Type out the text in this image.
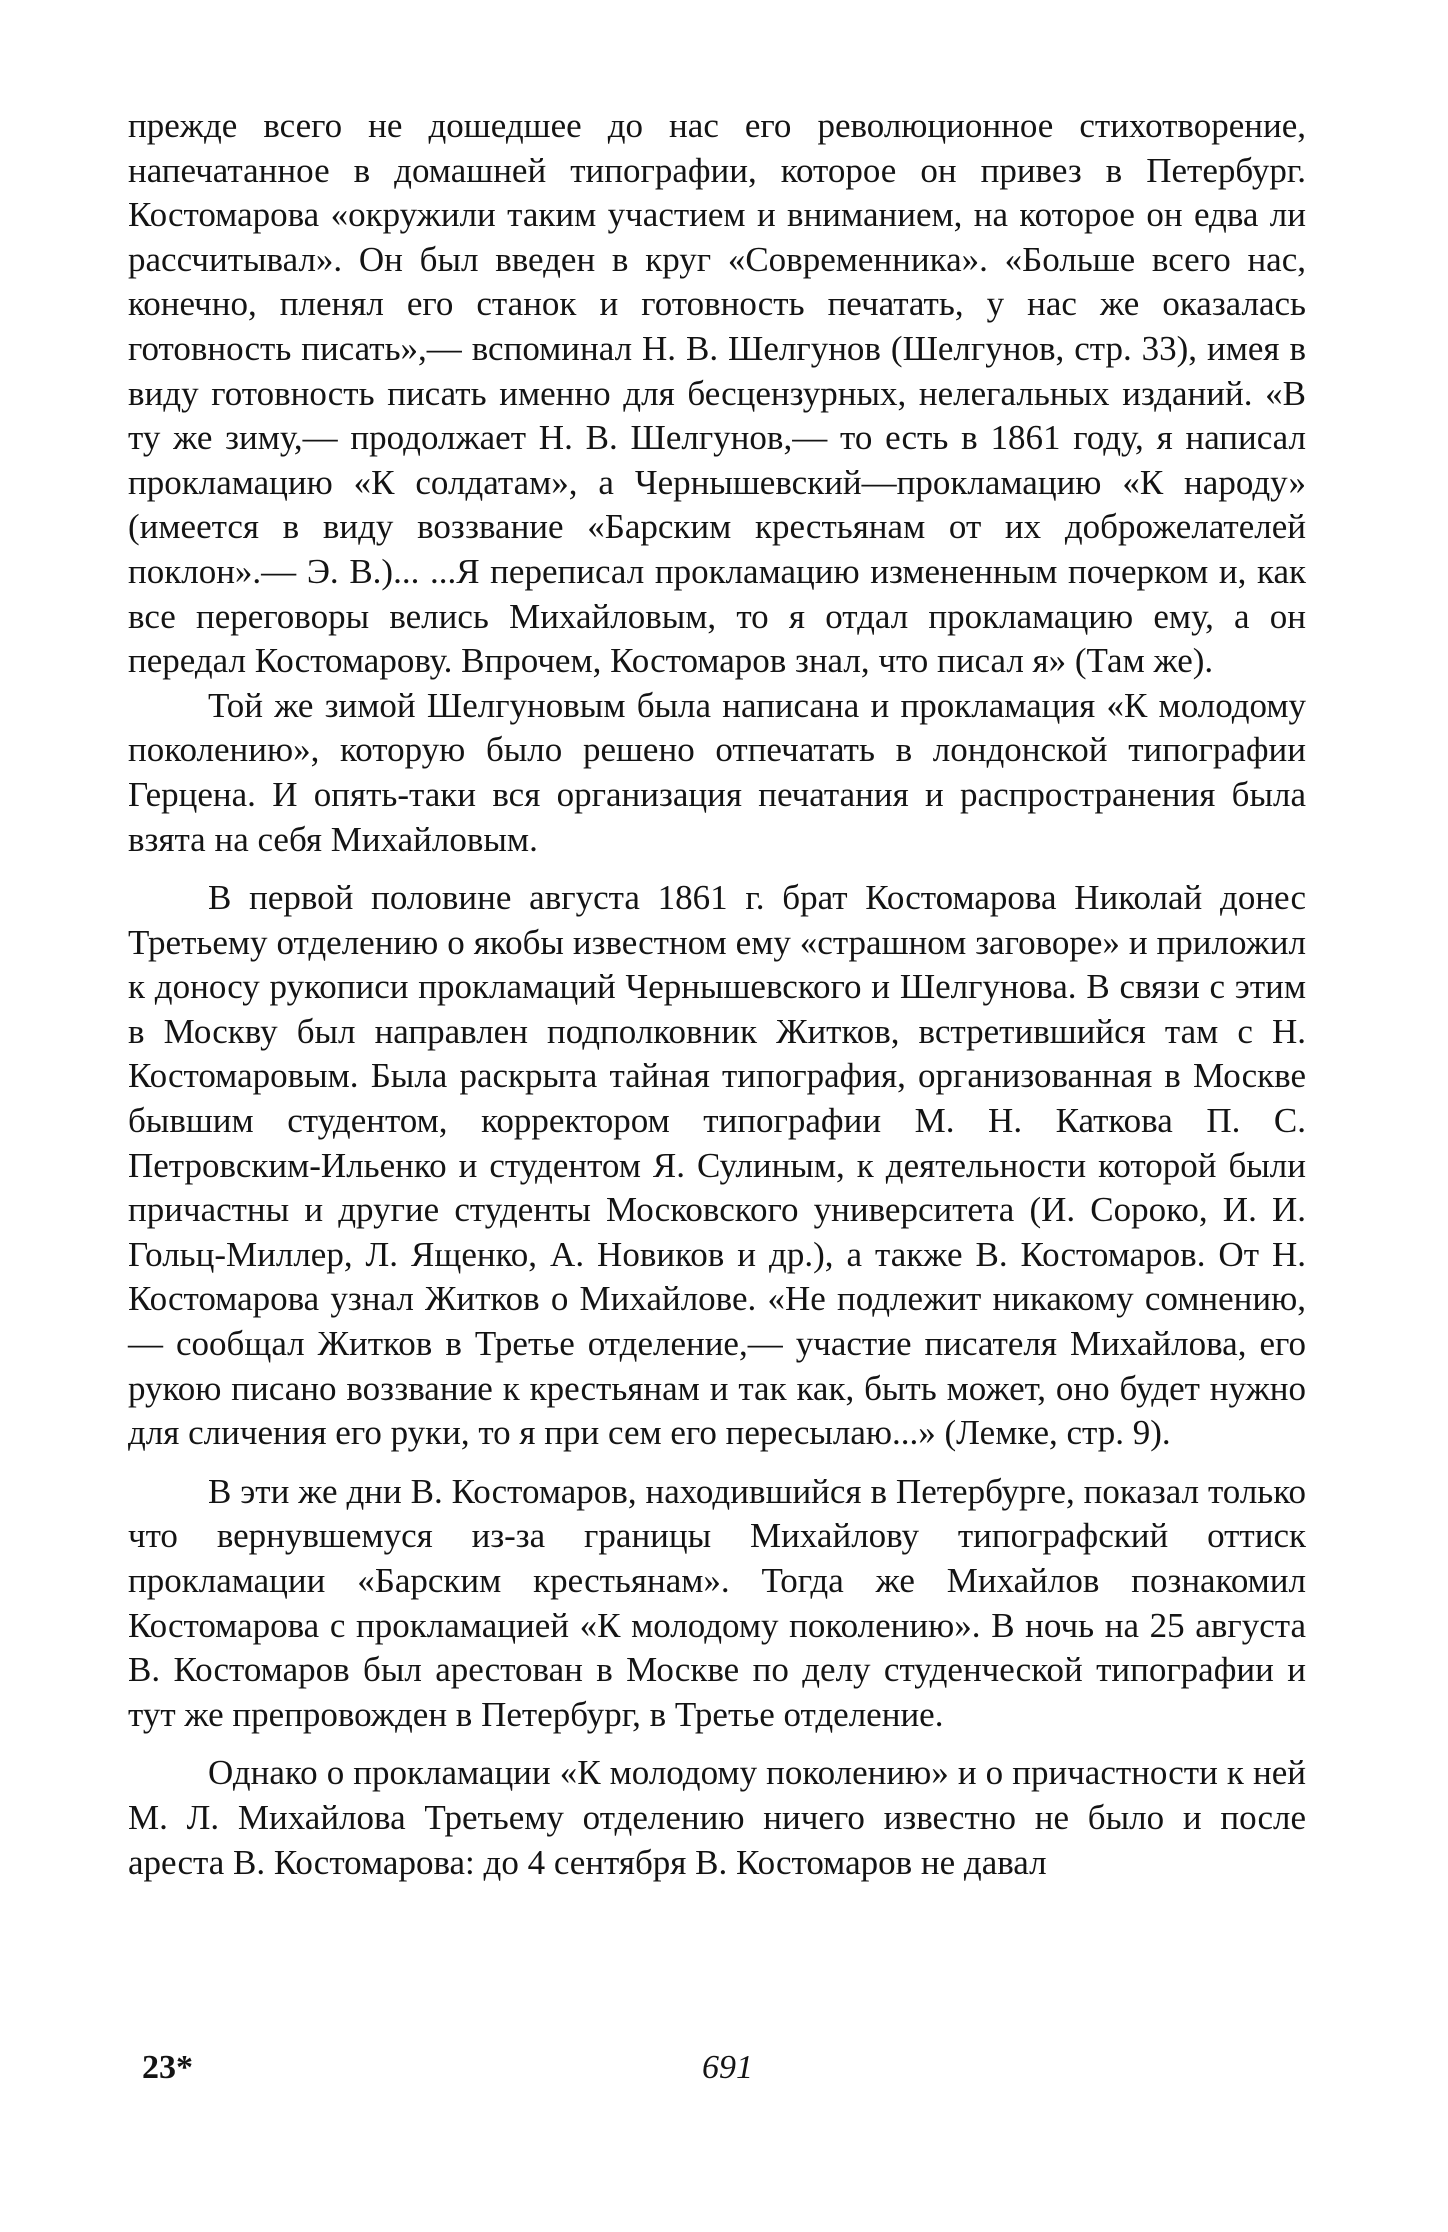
прежде всего не дошедшее до нас его революционное стихотворение, напечатанное в домашней типографии, которое он привез в Петербург. Костомарова «окружили таким участием и вниманием, на которое он едва ли рассчитывал». Он был введен в круг «Современника». «Больше всего нас, конечно, пленял его станок и готовность печатать, у нас же оказалась готовность писать»,— вспоминал Н. В. Шелгунов (Шелгунов, стр. 33), имея в виду готовность писать именно для бесцензурных, нелегальных изданий. «В ту же зиму,— продолжает Н. В. Шелгунов,— то есть в 1861 году, я написал прокламацию «К солдатам», а Чернышевский—прокламацию «К народу» (имеется в виду воззвание «Барским крестьянам от их доброжелателей поклон».— Э. В.)... ...Я переписал прокламацию измененным почерком и, как все переговоры велись Михайловым, то я отдал прокламацию ему, а он передал Костомарову. Впрочем, Костомаров знал, что писал я» (Там же).

Той же зимой Шелгуновым была написана и прокламация «К молодому поколению», которую было решено отпечатать в лондонской типографии Герцена. И опять-таки вся организация печатания и распространения была взята на себя Михайловым.

В первой половине августа 1861 г. брат Костомарова Николай донес Третьему отделению о якобы известном ему «страшном заговоре» и приложил к доносу рукописи прокламаций Чернышевского и Шелгунова. В связи с этим в Москву был направлен подполковник Житков, встретившийся там с Н. Костомаровым. Была раскрыта тайная типография, организованная в Москве бывшим студентом, корректором типографии М. Н. Каткова П. С. Петровским-Ильенко и студентом Я. Сулиным, к деятельности которой были причастны и другие студенты Московского университета (И. Сороко, И. И. Гольц-Миллер, Л. Ященко, А. Новиков и др.), а также В. Костомаров. От Н. Костомарова узнал Житков о Михайлове. «Не подлежит никакому сомнению,— сообщал Житков в Третье отделение,— участие писателя Михайлова, его рукою писано воззвание к крестьянам и так как, быть может, оно будет нужно для сличения его руки, то я при сем его пересылаю...» (Лемке, стр. 9).

В эти же дни В. Костомаров, находившийся в Петербурге, показал только что вернувшемуся из-за границы Михайлову типографский оттиск прокламации «Барским крестьянам». Тогда же Михайлов познакомил Костомарова с прокламацией «К молодому поколению». В ночь на 25 августа В. Костомаров был арестован в Москве по делу студенческой типографии и тут же препровожден в Петербург, в Третье отделение.

Однако о прокламации «К молодому поколению» и о причастности к ней М. Л. Михайлова Третьему отделению ничего известно не было и после ареста В. Костомарова: до 4 сентября В. Костомаров не давал

23*	691
